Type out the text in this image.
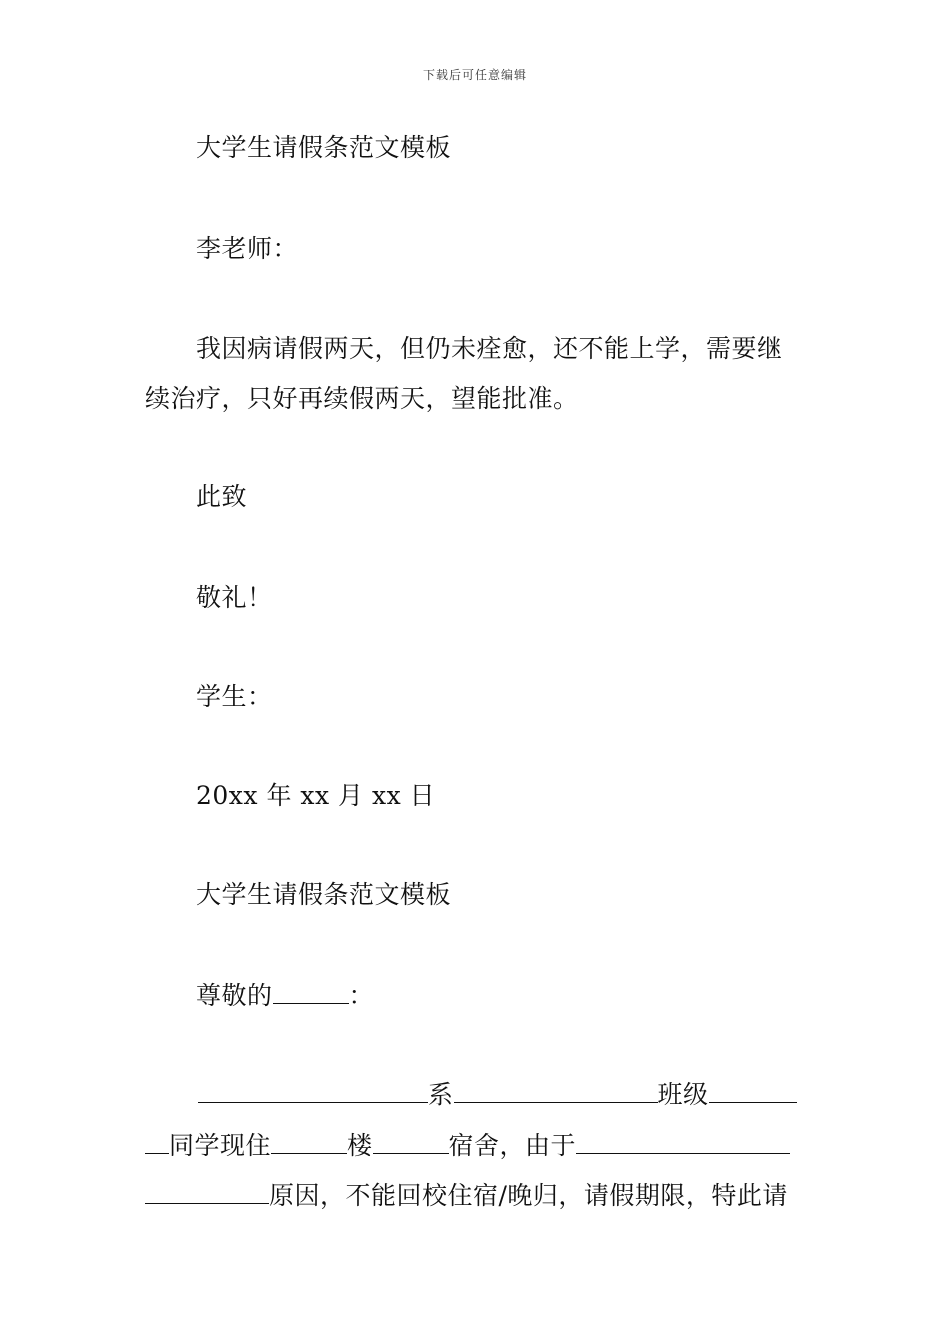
下载后可任意编辑
大学生请假条范文模板
李老师：
我因病请假两天，但仍未痊愈，还不能上学，需要继
续治疗，只好再续假两天，望能批准。
此致
敬礼！
学生：
20xx 年 xx 月 xx 日
大学生请假条范文模板
尊敬的	：
系	班级
同学现住	楼	宿舍，由于
原因，不能回校住宿/晚归，请假期限，特此请
